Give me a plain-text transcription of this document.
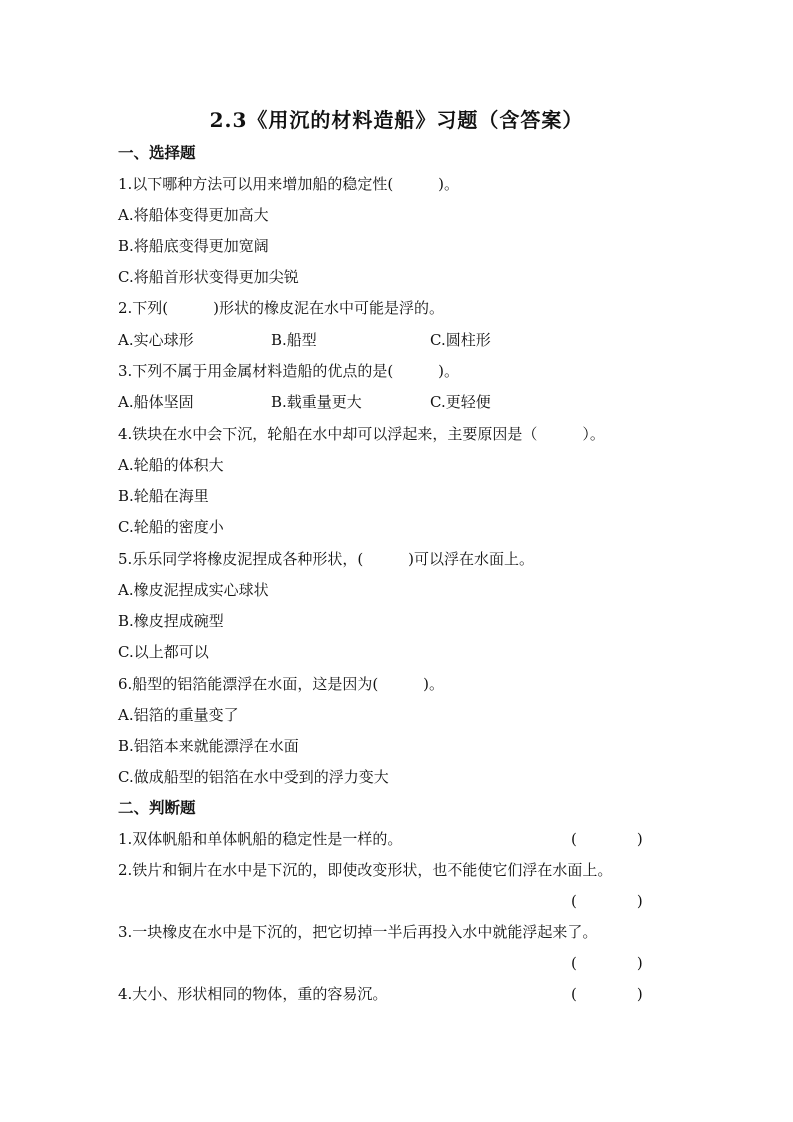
2.3《用沉的材料造船》习题（含答案）
一、选择题
1.以下哪种方法可以用来增加船的稳定性(　　　)。
A.将船体变得更加高大
B.将船底变得更加宽阔
C.将船首形状变得更加尖锐
2.下列(　　　)形状的橡皮泥在水中可能是浮的。
A.实心球形	B.船型	C.圆柱形
3.下列不属于用金属材料造船的优点的是(　　　)。
A.船体坚固	B.载重量更大	C.更轻便
4.铁块在水中会下沉，轮船在水中却可以浮起来，主要原因是（　　　）。
A.轮船的体积大
B.轮船在海里
C.轮船的密度小
5.乐乐同学将橡皮泥捏成各种形状，(　　　)可以浮在水面上。
A.橡皮泥捏成实心球状
B.橡皮捏成碗型
C.以上都可以
6.船型的铝箔能漂浮在水面，这是因为(　　　)。
A.铝箔的重量变了
B.铝箔本来就能漂浮在水面
C.做成船型的铝箔在水中受到的浮力变大
二、判断题
1.双体帆船和单体帆船的稳定性是一样的。	(　　　　)
2.铁片和铜片在水中是下沉的，即使改变形状，也不能使它们浮在水面上。
(　　　　)
3.一块橡皮在水中是下沉的，把它切掉一半后再投入水中就能浮起来了。
(　　　　)
4.大小、形状相同的物体，重的容易沉。	(　　　　)
